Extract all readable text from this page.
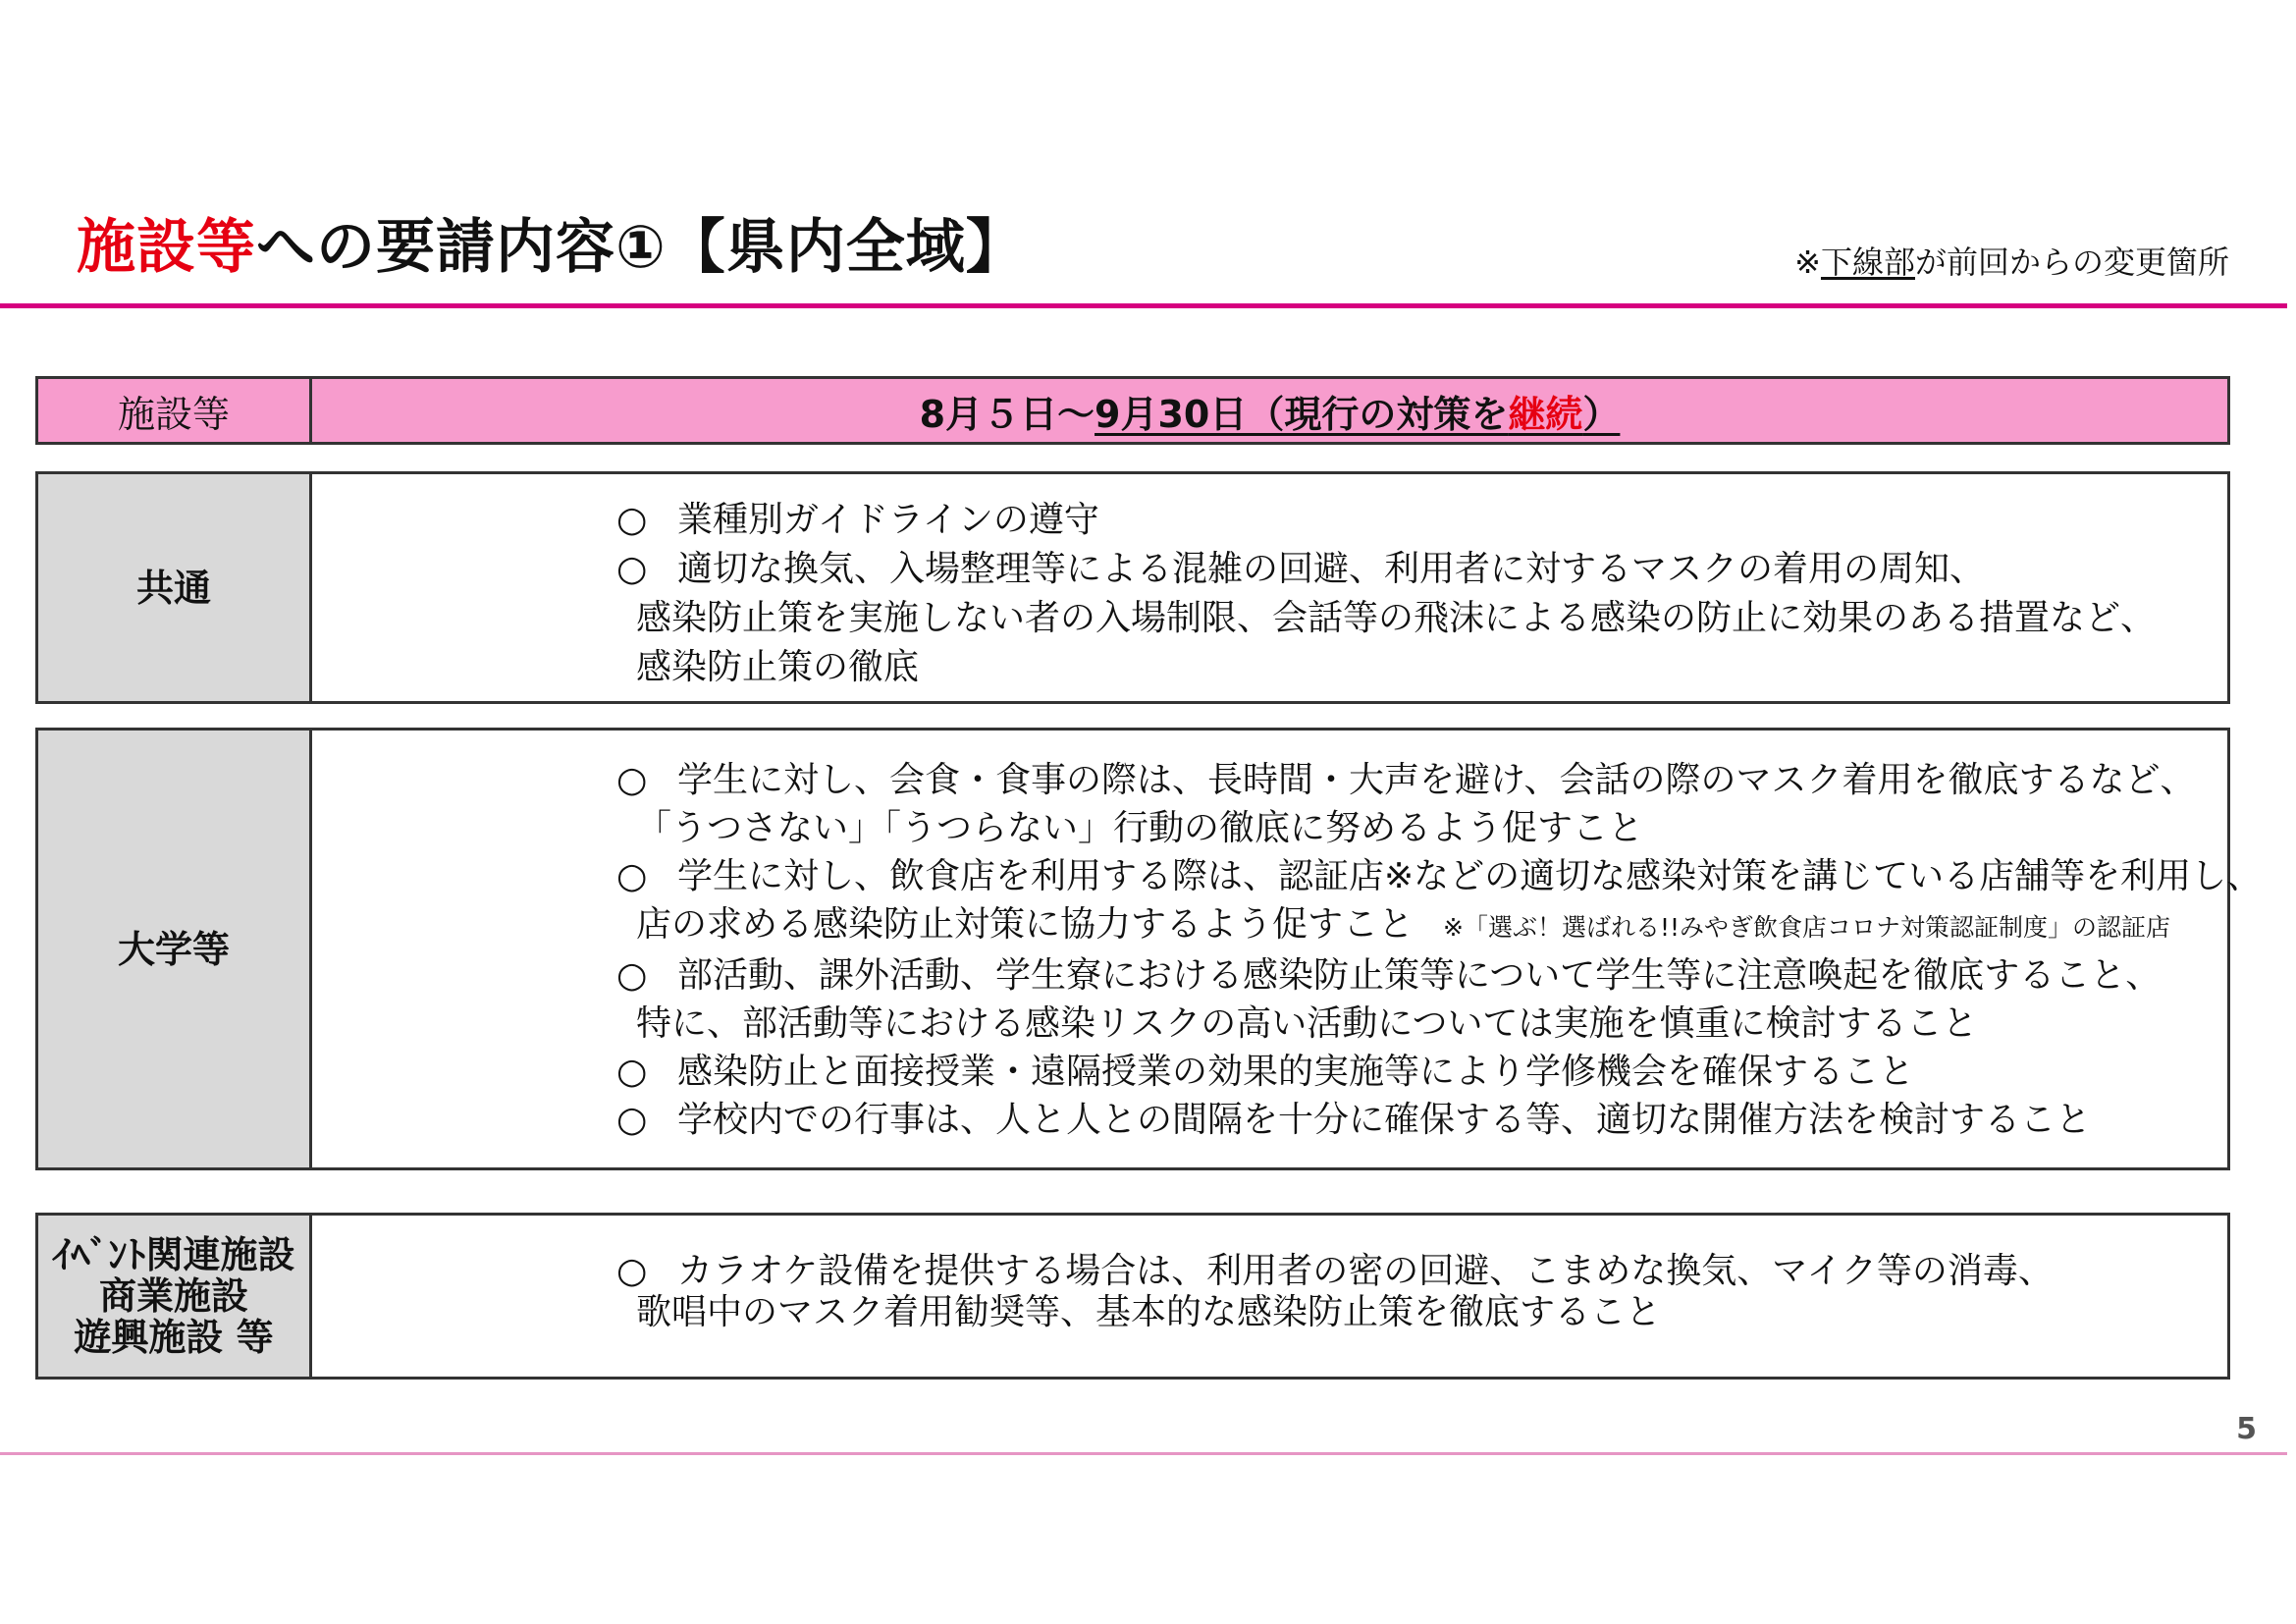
施設等への要請内容①【県内全域】	※下線部が前回からの変更箇所
施設等	8月５日～ 9月30日（現行の対策を継続）
共通

○ 業種別ガイドラインの遵守

○ 適切な換気、入場整理等による混雑の回避、利用者に対するマスクの着用の周知、

感染防止策を実施しない者の入場制限、会話等の飛沫による感染の防止に効果のある措置など、

感染防止策の徹底

大学等

○ 学生に対し、会食・食事の際は、長時間・大声を避け、会話の際のマスク着用を徹底するなど、

「うつさない」「うつらない」行動の徹底に努めるよう促すこと

○ 学生に対し、飲食店を利用する際は、認証店※などの適切な感染対策を講じている店舗等を利用し、

店の求める感染防止対策に協力するよう促すこと ※「選ぶ！選ばれる!!みやぎ飲食店コロナ対策認証制度」の認証店

○ 部活動、課外活動、学生寮における感染防止策等について学生等に注意喚起を徹底すること、

特に、部活動等における感染リスクの高い活動については実施を慎重に検討すること

○ 感染防止と面接授業・遠隔授業の効果的実施等により学修機会を確保すること

○ 学校内での行事は、人と人との間隔を十分に確保する等、適切な開催方法を検討すること

ｲﾍﾞﾝﾄ関連施設
商業施設
遊興施設 等

○ カラオケ設備を提供する場合は、利用者の密の回避、こまめな換気、マイク等の消毒、

歌唱中のマスク着用勧奨等、基本的な感染防止策を徹底すること

5
